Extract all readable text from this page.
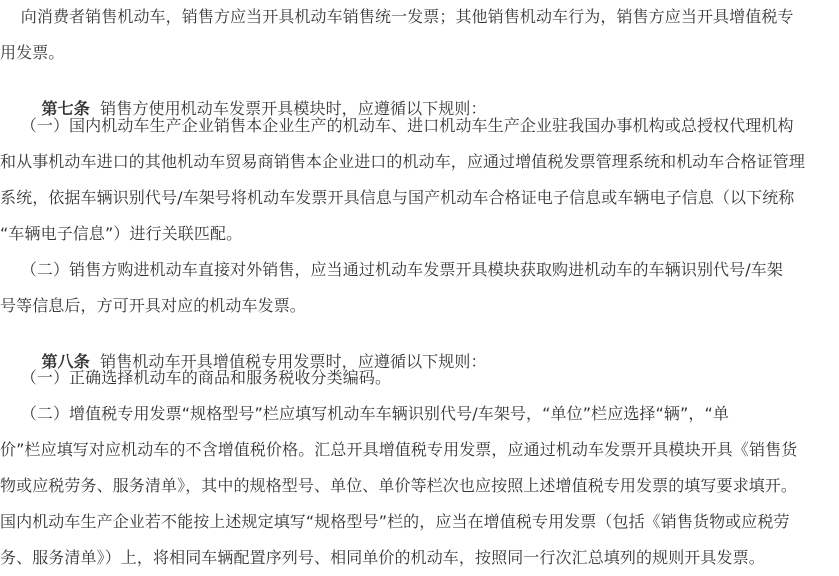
向消费者销售机动车，销售方应当开具机动车销售统一发票；其他销售机动车行为，销售方应当开具增值税专
用发票。

第七条  销售方使用机动车发票开具模块时，应遵循以下规则：

（一）国内机动车生产企业销售本企业生产的机动车、进口机动车生产企业驻我国办事机构或总授权代理机构
和从事机动车进口的其他机动车贸易商销售本企业进口的机动车，应通过增值税发票管理系统和机动车合格证管理
系统，依据车辆识别代号/车架号将机动车发票开具信息与国产机动车合格证电子信息或车辆电子信息（以下统称
“车辆电子信息”）进行关联匹配。
（二）销售方购进机动车直接对外销售，应当通过机动车发票开具模块获取购进机动车的车辆识别代号/车架
号等信息后，方可开具对应的机动车发票。

第八条  销售机动车开具增值税专用发票时，应遵循以下规则：

（一）正确选择机动车的商品和服务税收分类编码。
（二）增值税专用发票“规格型号”栏应填写机动车车辆识别代号/车架号，“单位”栏应选择“辆”，“单
价”栏应填写对应机动车的不含增值税价格。汇总开具增值税专用发票，应通过机动车发票开具模块开具《销售货
物或应税劳务、服务清单》，其中的规格型号、单位、单价等栏次也应按照上述增值税专用发票的填写要求填开。
国内机动车生产企业若不能按上述规定填写“规格型号”栏的，应当在增值税专用发票（包括《销售货物或应税劳
务、服务清单》）上，将相同车辆配置序列号、相同单价的机动车，按照同一行次汇总填列的规则开具发票。
